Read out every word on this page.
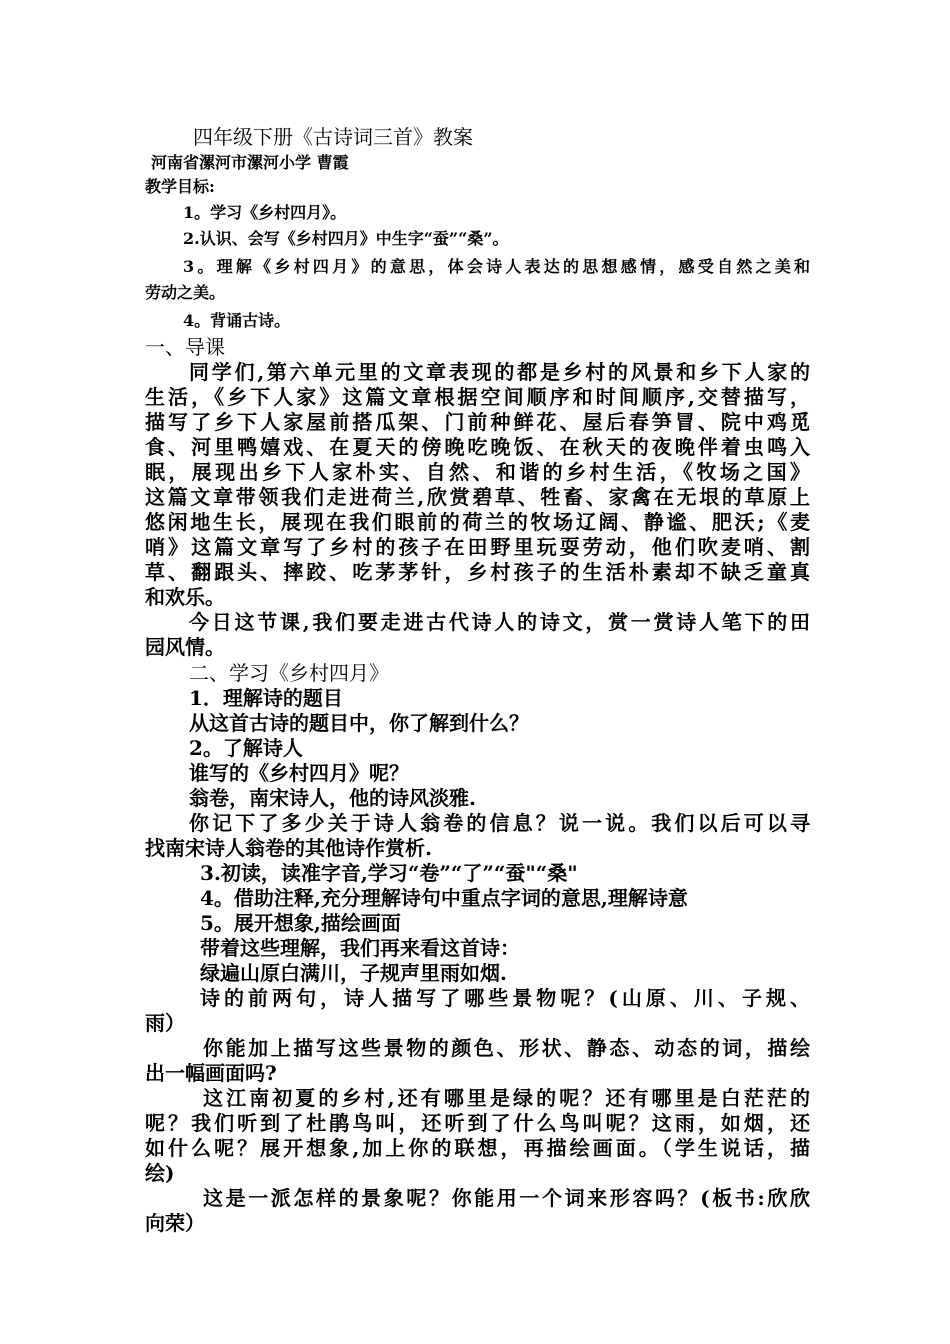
四年级下册《古诗词三首》教案
河南省漯河市漯河小学 曹霞
教学目标:
1。学习《乡村四月》。
2.认识、会写《乡村四月》中生字“蚕”“桑”。
3。理解《乡村四月》的意思，体会诗人表达的思想感情，感受自然之美和
劳动之美。
4。背诵古诗。
一、导课
同学们,第六单元里的文章表现的都是乡村的风景和乡下人家的
生活，《乡下人家》这篇文章根据空间顺序和时间顺序,交替描写，
描写了乡下人家屋前搭瓜架、门前种鲜花、屋后春笋冒、院中鸡觅
食、河里鸭嬉戏、在夏天的傍晚吃晚饭、在秋天的夜晚伴着虫鸣入
眠，展现出乡下人家朴实、自然、和谐的乡村生活，《牧场之国》
这篇文章带领我们走进荷兰,欣赏碧草、牲畜、家禽在无垠的草原上
悠闲地生长，展现在我们眼前的荷兰的牧场辽阔、静谧、肥沃;《麦
哨》这篇文章写了乡村的孩子在田野里玩耍劳动，他们吹麦哨、割
草、翻跟头、摔跤、吃茅茅针，乡村孩子的生活朴素却不缺乏童真
和欢乐。
今日这节课,我们要走进古代诗人的诗文，赏一赏诗人笔下的田
园风情。
二、学习《乡村四月》
1．理解诗的题目
从这首古诗的题目中，你了解到什么？
2。了解诗人
谁写的《乡村四月》呢？
翁卷，南宋诗人，他的诗风淡雅.
你记下了多少关于诗人翁卷的信息？说一说。我们以后可以寻
找南宋诗人翁卷的其他诗作赏析.
3.初读，读准字音,学习“卷”“了”“蚕"“桑"
4。借助注释,充分理解诗句中重点字词的意思,理解诗意
5。展开想象,描绘画面
带着这些理解，我们再来看这首诗：
绿遍山原白满川，子规声里雨如烟.
诗的前两句，诗人描写了哪些景物呢？(山原、川、子规、
雨）
你能加上描写这些景物的颜色、形状、静态、动态的词，描绘
出一幅画面吗?
这江南初夏的乡村,还有哪里是绿的呢？还有哪里是白茫茫的
呢？我们听到了杜鹃鸟叫，还听到了什么鸟叫呢？这雨，如烟，还
如什么呢？展开想象,加上你的联想，再描绘画面。（学生说话，描
绘)
这是一派怎样的景象呢？你能用一个词来形容吗？(板书:欣欣
向荣）
